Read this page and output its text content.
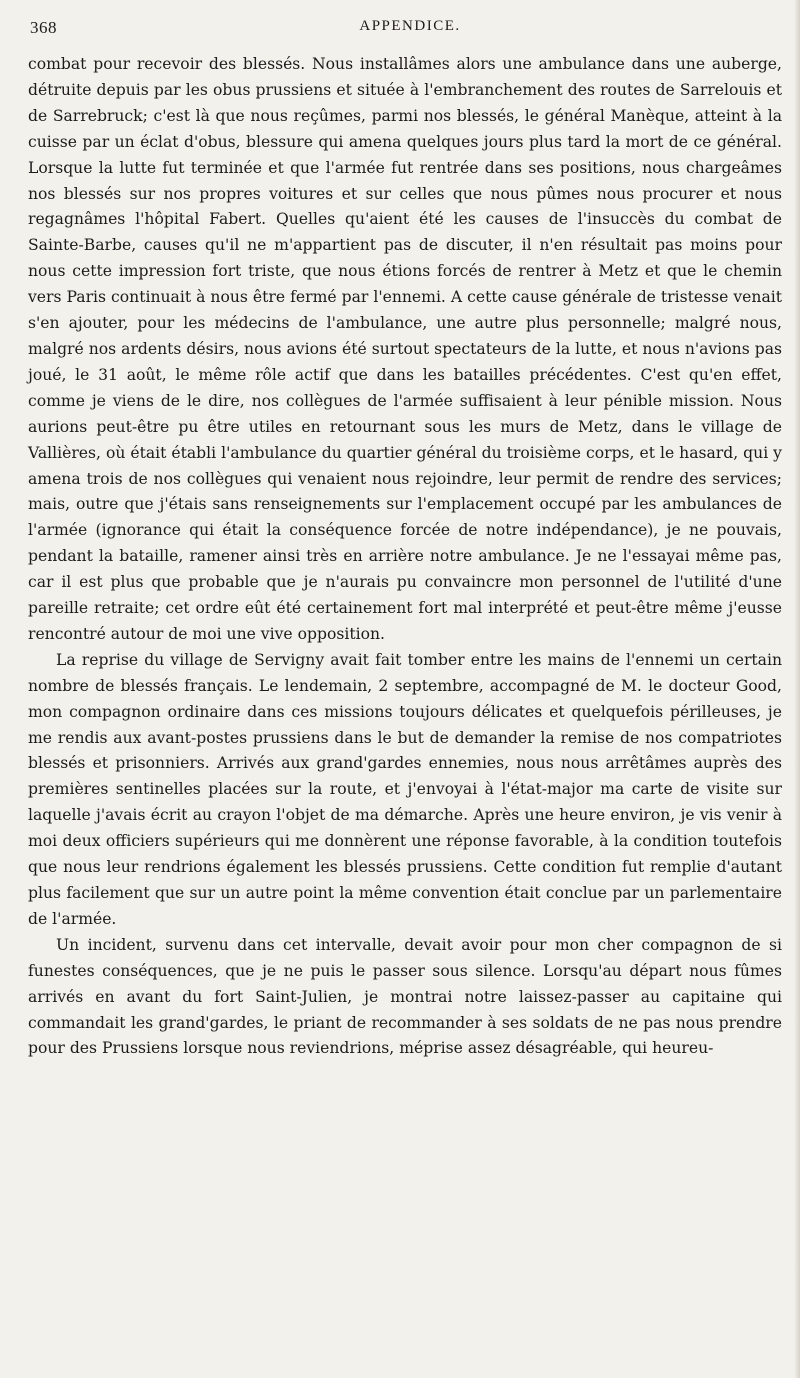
368	APPENDICE.

combat pour recevoir des blessés. Nous installâmes alors une ambulance dans une auberge, détruite depuis par les obus prussiens et située à l'embranchement des routes de Sarrelouis et de Sarrebruck; c'est là que nous reçûmes, parmi nos blessés, le général Manèque, atteint à la cuisse par un éclat d'obus, blessure qui amena quelques jours plus tard la mort de ce général. Lorsque la lutte fut terminée et que l'armée fut rentrée dans ses positions, nous chargeâmes nos blessés sur nos propres voitures et sur celles que nous pûmes nous procurer et nous regagnâmes l'hôpital Fabert. Quelles qu'aient été les causes de l'insuccès du combat de Sainte-Barbe, causes qu'il ne m'appartient pas de discuter, il n'en résultait pas moins pour nous cette impression fort triste, que nous étions forcés de rentrer à Metz et que le chemin vers Paris continuait à nous être fermé par l'ennemi. A cette cause générale de tristesse venait s'en ajouter, pour les médecins de l'ambulance, une autre plus personnelle; malgré nous, malgré nos ardents désirs, nous avions été surtout spectateurs de la lutte, et nous n'avions pas joué, le 31 août, le même rôle actif que dans les batailles précédentes. C'est qu'en effet, comme je viens de le dire, nos collègues de l'armée suffisaient à leur pénible mission. Nous aurions peut-être pu être utiles en retournant sous les murs de Metz, dans le village de Vallières, où était établi l'ambulance du quartier général du troisième corps, et le hasard, qui y amena trois de nos collègues qui venaient nous rejoindre, leur permit de rendre des services; mais, outre que j'étais sans renseignements sur l'emplacement occupé par les ambulances de l'armée (ignorance qui était la conséquence forcée de notre indépendance), je ne pouvais, pendant la bataille, ramener ainsi très en arrière notre ambulance. Je ne l'essayai même pas, car il est plus que probable que je n'aurais pu convaincre mon personnel de l'utilité d'une pareille retraite; cet ordre eût été certainement fort mal interprété et peut-être même j'eusse rencontré autour de moi une vive opposition.

La reprise du village de Servigny avait fait tomber entre les mains de l'ennemi un certain nombre de blessés français. Le lendemain, 2 septembre, accompagné de M. le docteur Good, mon compagnon ordinaire dans ces missions toujours délicates et quelquefois périlleuses, je me rendis aux avant-postes prussiens dans le but de demander la remise de nos compatriotes blessés et prisonniers. Arrivés aux grand'gardes ennemies, nous nous arrêtâmes auprès des premières sentinelles placées sur la route, et j'envoyai à l'état-major ma carte de visite sur laquelle j'avais écrit au crayon l'objet de ma démarche. Après une heure environ, je vis venir à moi deux officiers supérieurs qui me donnèrent une réponse favorable, à la condition toutefois que nous leur rendrions également les blessés prussiens. Cette condition fut remplie d'autant plus facilement que sur un autre point la même convention était conclue par un parlementaire de l'armée.

Un incident, survenu dans cet intervalle, devait avoir pour mon cher compagnon de si funestes conséquences, que je ne puis le passer sous silence. Lorsqu'au départ nous fûmes arrivés en avant du fort Saint-Julien, je montrai notre laissez-passer au capitaine qui commandait les grand'gardes, le priant de recommander à ses soldats de ne pas nous prendre pour des Prussiens lorsque nous reviendrions, méprise assez désagréable, qui heureu-
